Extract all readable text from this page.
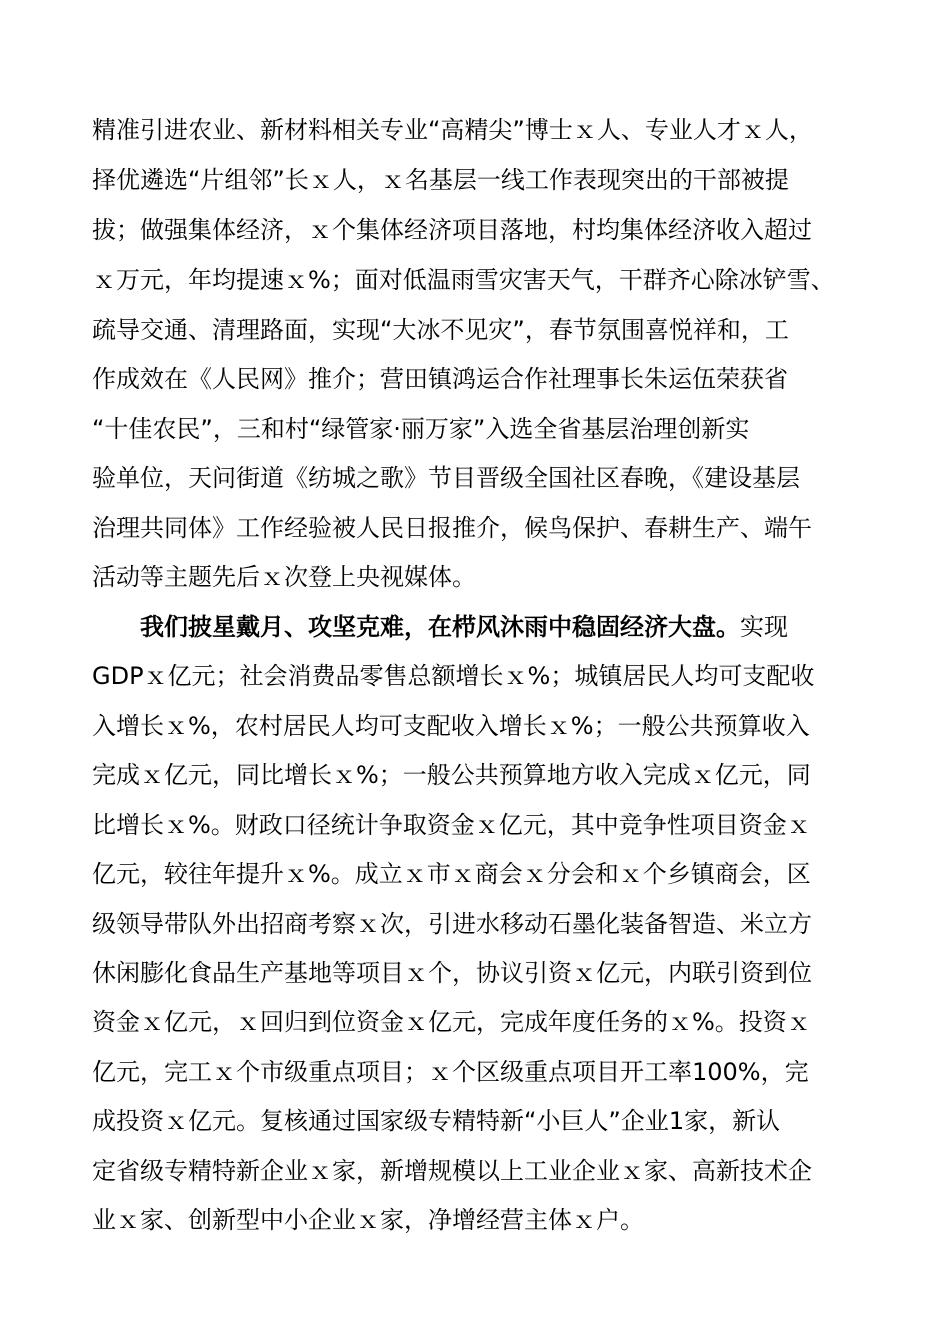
精准引进农业、新材料相关专业“高精尖”博士ｘ人、专业人才ｘ人，
择优遴选“片组邻”长ｘ人，ｘ名基层一线工作表现突出的干部被提
拔；做强集体经济，ｘ个集体经济项目落地，村均集体经济收入超过
ｘ万元，年均提速ｘ%；面对低温雨雪灾害天气，干群齐心除冰铲雪、
疏导交通、清理路面，实现“大冰不见灾”，春节氛围喜悦祥和，工
作成效在《人民网》推介；营田镇鸿运合作社理事长朱运伍荣获省
“十佳农民”，三和村“绿管家·丽万家”入选全省基层治理创新实
验单位，天问街道《纺城之歌》节目晋级全国社区春晚，《建设基层
治理共同体》工作经验被人民日报推介，候鸟保护、春耕生产、端午
活动等主题先后ｘ次登上央视媒体。
我们披星戴月、攻坚克难，在栉风沐雨中稳固经济大盘。实现
GDPｘ亿元；社会消费品零售总额增长ｘ%；城镇居民人均可支配收
入增长ｘ%，农村居民人均可支配收入增长ｘ%；一般公共预算收入
完成ｘ亿元，同比增长ｘ%；一般公共预算地方收入完成ｘ亿元，同
比增长ｘ%。财政口径统计争取资金ｘ亿元，其中竞争性项目资金ｘ
亿元，较往年提升ｘ%。成立ｘ市ｘ商会ｘ分会和ｘ个乡镇商会，区
级领导带队外出招商考察ｘ次，引进水移动石墨化装备智造、米立方
休闲膨化食品生产基地等项目ｘ个，协议引资ｘ亿元，内联引资到位
资金ｘ亿元，ｘ回归到位资金ｘ亿元，完成年度任务的ｘ%。投资ｘ
亿元，完工ｘ个市级重点项目；ｘ个区级重点项目开工率100%，完
成投资ｘ亿元。复核通过国家级专精特新“小巨人”企业1家，新认
定省级专精特新企业ｘ家，新增规模以上工业企业ｘ家、高新技术企
业ｘ家、创新型中小企业ｘ家，净增经营主体ｘ户。
